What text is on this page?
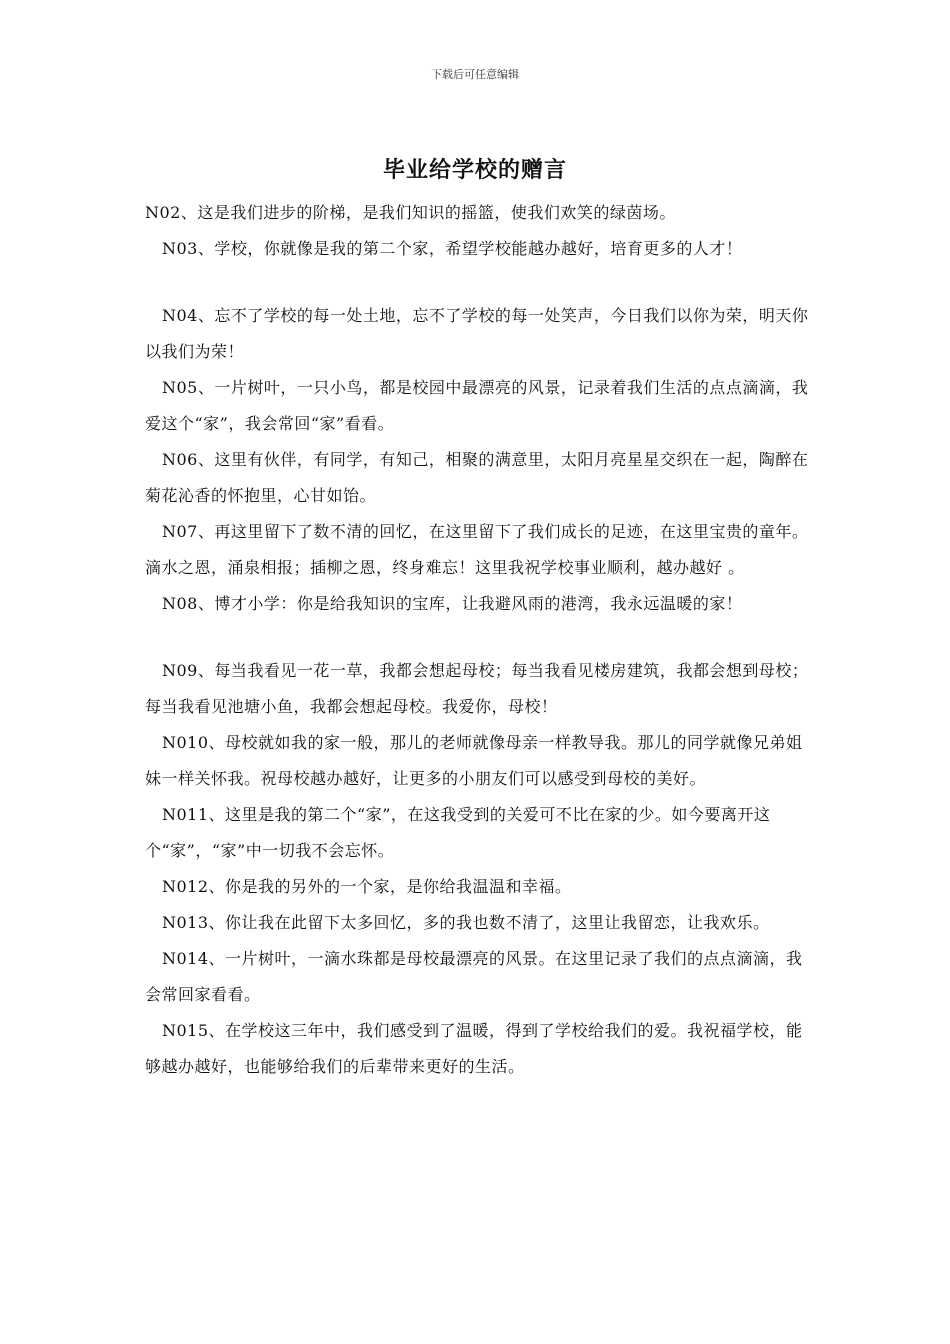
下载后可任意编辑
毕业给学校的赠言

N02、这是我们进步的阶梯，是我们知识的摇篮，使我们欢笑的绿茵场。

N03、学校，你就像是我的第二个家，希望学校能越办越好，培育更多的人才！

N04、忘不了学校的每一处土地，忘不了学校的每一处笑声，今日我们以你为荣，明天你以我们为荣！

N05、一片树叶，一只小鸟，都是校园中最漂亮的风景，记录着我们生活的点点滴滴，我爱这个“家”，我会常回“家”看看。

N06、这里有伙伴，有同学，有知己，相聚的满意里，太阳月亮星星交织在一起，陶醉在菊花沁香的怀抱里，心甘如饴。

N07、再这里留下了数不清的回忆，在这里留下了我们成长的足迹，在这里宝贵的童年。滴水之恩，涌泉相报；插柳之恩，终身难忘！这里我祝学校事业顺利，越办越好 。

N08、博才小学：你是给我知识的宝库，让我避风雨的港湾，我永远温暖的家！

N09、每当我看见一花一草，我都会想起母校；每当我看见楼房建筑，我都会想到母校；每当我看见池塘小鱼，我都会想起母校。我爱你，母校！

N010、母校就如我的家一般，那儿的老师就像母亲一样教导我。那儿的同学就像兄弟姐妹一样关怀我。祝母校越办越好，让更多的小朋友们可以感受到母校的美好。

N011、这里是我的第二个“家”，在这我受到的关爱可不比在家的少。如今要离开这个“家”，“家”中一切我不会忘怀。

N012、你是我的另外的一个家，是你给我温温和幸福。

N013、你让我在此留下太多回忆，多的我也数不清了，这里让我留恋，让我欢乐。

N014、一片树叶，一滴水珠都是母校最漂亮的风景。在这里记录了我们的点点滴滴，我会常回家看看。

N015、在学校这三年中，我们感受到了温暖，得到了学校给我们的爱。我祝福学校，能够越办越好，也能够给我们的后辈带来更好的生活。
